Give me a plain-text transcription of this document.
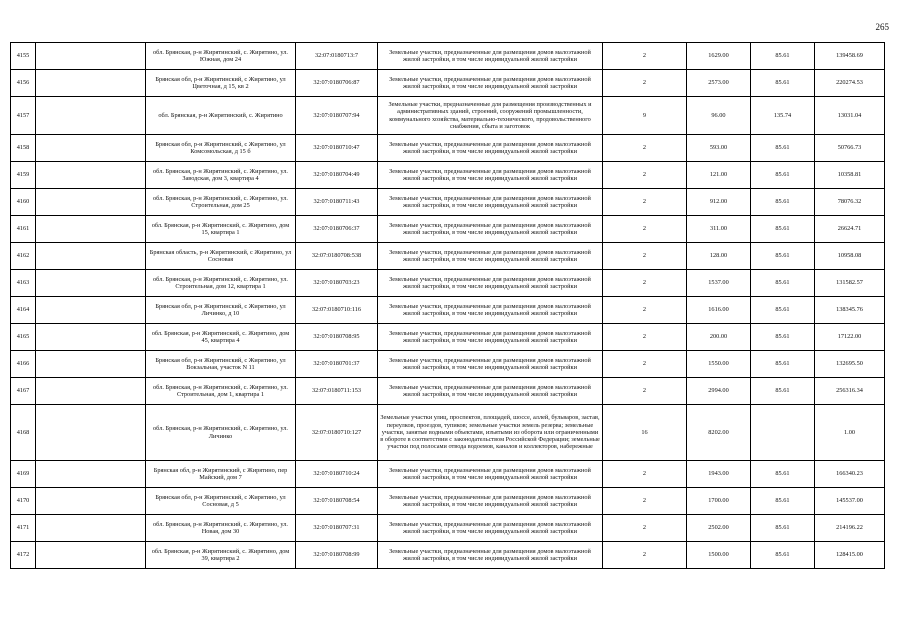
265
4155		обл. Брянская, р-н Жирятинский, с. Жирятино, ул. Южная, дом 24	32:07:0180713:7	Земельные участки, предназначенные для размещения домов малоэтажной жилой застройки, в том числе индивидуальной жилой застройки	2	1629.00	85.61	139458.69

4156		Брянская обл, р-н Жирятинский, с Жирятино, ул Цветочная, д 15, кв 2	32:07:0180706:87	Земельные участки, предназначенные для размещения домов малоэтажной жилой застройки, в том числе индивидуальной жилой застройки	2	2573.00	85.61	220274.53

4157		обл. Брянская, р-н Жирятинский, с. Жирятино	32:07:0180707:94	Земельные участки, предназначенные для размещения производственных и административных зданий, строений, сооружений промышленности, коммунального хозяйства, материально-технического, продовольственного снабжения, сбыта и заготовок	9	96.00	135.74	13031.04

4158		Брянская обл, р-н Жирятинский, с Жирятино, ул Комсомольская, д 15 б	32:07:0180710:47	Земельные участки, предназначенные для размещения домов малоэтажной жилой застройки, в том числе индивидуальной жилой застройки	2	593.00	85.61	50766.73

4159		обл. Брянская, р-н Жирятинский, с. Жирятино, ул. Заводская, дом 3, квартира 4	32:07:0180704:49	Земельные участки, предназначенные для размещения домов малоэтажной жилой застройки, в том числе индивидуальной жилой застройки	2	121.00	85.61	10358.81

4160		обл. Брянская, р-н Жирятинский, с. Жирятино, ул. Строительная, дом 25	32:07:0180711:43	Земельные участки, предназначенные для размещения домов малоэтажной жилой застройки, в том числе индивидуальной жилой застройки	2	912.00	85.61	78076.32

4161		обл. Брянская, р-н Жирятинский, с. Жирятино, дом 15, квартира 1	32:07:0180706:37	Земельные участки, предназначенные для размещения домов малоэтажной жилой застройки, в том числе индивидуальной жилой застройки	2	311.00	85.61	26624.71

4162		Брянская область, р-н Жирятинский, с Жирятино, ул Сосновая	32:07:0180708:538	Земельные участки, предназначенные для размещения домов малоэтажной жилой застройки, в том числе индивидуальной жилой застройки	2	128.00	85.61	10958.08

4163		обл. Брянская, р-н Жирятинский, с. Жирятино, ул. Строительная, дом 12, квартира 1	32:07:0180703:23	Земельные участки, предназначенные для размещения домов малоэтажной жилой застройки, в том числе индивидуальной жилой застройки	2	1537.00	85.61	131582.57

4164		Брянская обл, р-н Жирятинский, с Жирятино, ул Личинко, д 10	32:07:0180710:116	Земельные участки, предназначенные для размещения домов малоэтажной жилой застройки, в том числе индивидуальной жилой застройки	2	1616.00	85.61	138345.76

4165		обл. Брянская, р-н Жирятинский, с. Жирятино, дом 45, квартира 4	32:07:0180708:95	Земельные участки, предназначенные для размещения домов малоэтажной жилой застройки, в том числе индивидуальной жилой застройки	2	200.00	85.61	17122.00

4166		Брянская обл, р-н Жирятинский, с Жирятино, ул Вокзальная, участок N 11	32:07:0180701:37	Земельные участки, предназначенные для размещения домов малоэтажной жилой застройки, в том числе индивидуальной жилой застройки	2	1550.00	85.61	132695.50

4167		обл. Брянская, р-н Жирятинский, с. Жирятино, ул. Строительная, дом 1, квартира 1	32:07:0180711:153	Земельные участки, предназначенные для размещения домов малоэтажной жилой застройки, в том числе индивидуальной жилой застройки	2	2994.00	85.61	256316.34

4168		обл. Брянская, р-н Жирятинский, с. Жирятино, ул. Личинко	32:07:0180710:127	Земельные участки улиц, проспектов, площадей, шоссе, аллей, бульваров, застав, переулков, проездов, тупиков; земельные участки земель резерва; земельные участки, занятые водными объектами, изъятыми из оборота или ограниченными в обороте в соответствии с законодательством Российской Федерации; земельные участки под полосами отвода водоемов, каналов и коллекторов, набережные	16	8202.00		1.00

4169		Брянская обл, р-н Жирятинский, с Жирятино, пер Майский, дом 7	32:07:0180710:24	Земельные участки, предназначенные для размещения домов малоэтажной жилой застройки, в том числе индивидуальной жилой застройки	2	1943.00	85.61	166340.23

4170		Брянская обл, р-н Жирятинский, с Жирятино, ул Сосновая, д 5	32:07:0180708:54	Земельные участки, предназначенные для размещения домов малоэтажной жилой застройки, в том числе индивидуальной жилой застройки	2	1700.00	85.61	145537.00

4171		обл. Брянская, р-н Жирятинский, с. Жирятино, ул. Новая, дом 30	32:07:0180707:31	Земельные участки, предназначенные для размещения домов малоэтажной жилой застройки, в том числе индивидуальной жилой застройки	2	2502.00	85.61	214196.22

4172		обл. Брянская, р-н Жирятинский, с. Жирятино, дом 39, квартира 2	32:07:0180708:99	Земельные участки, предназначенные для размещения домов малоэтажной жилой застройки, в том числе индивидуальной жилой застройки	2	1500.00	85.61	128415.00
